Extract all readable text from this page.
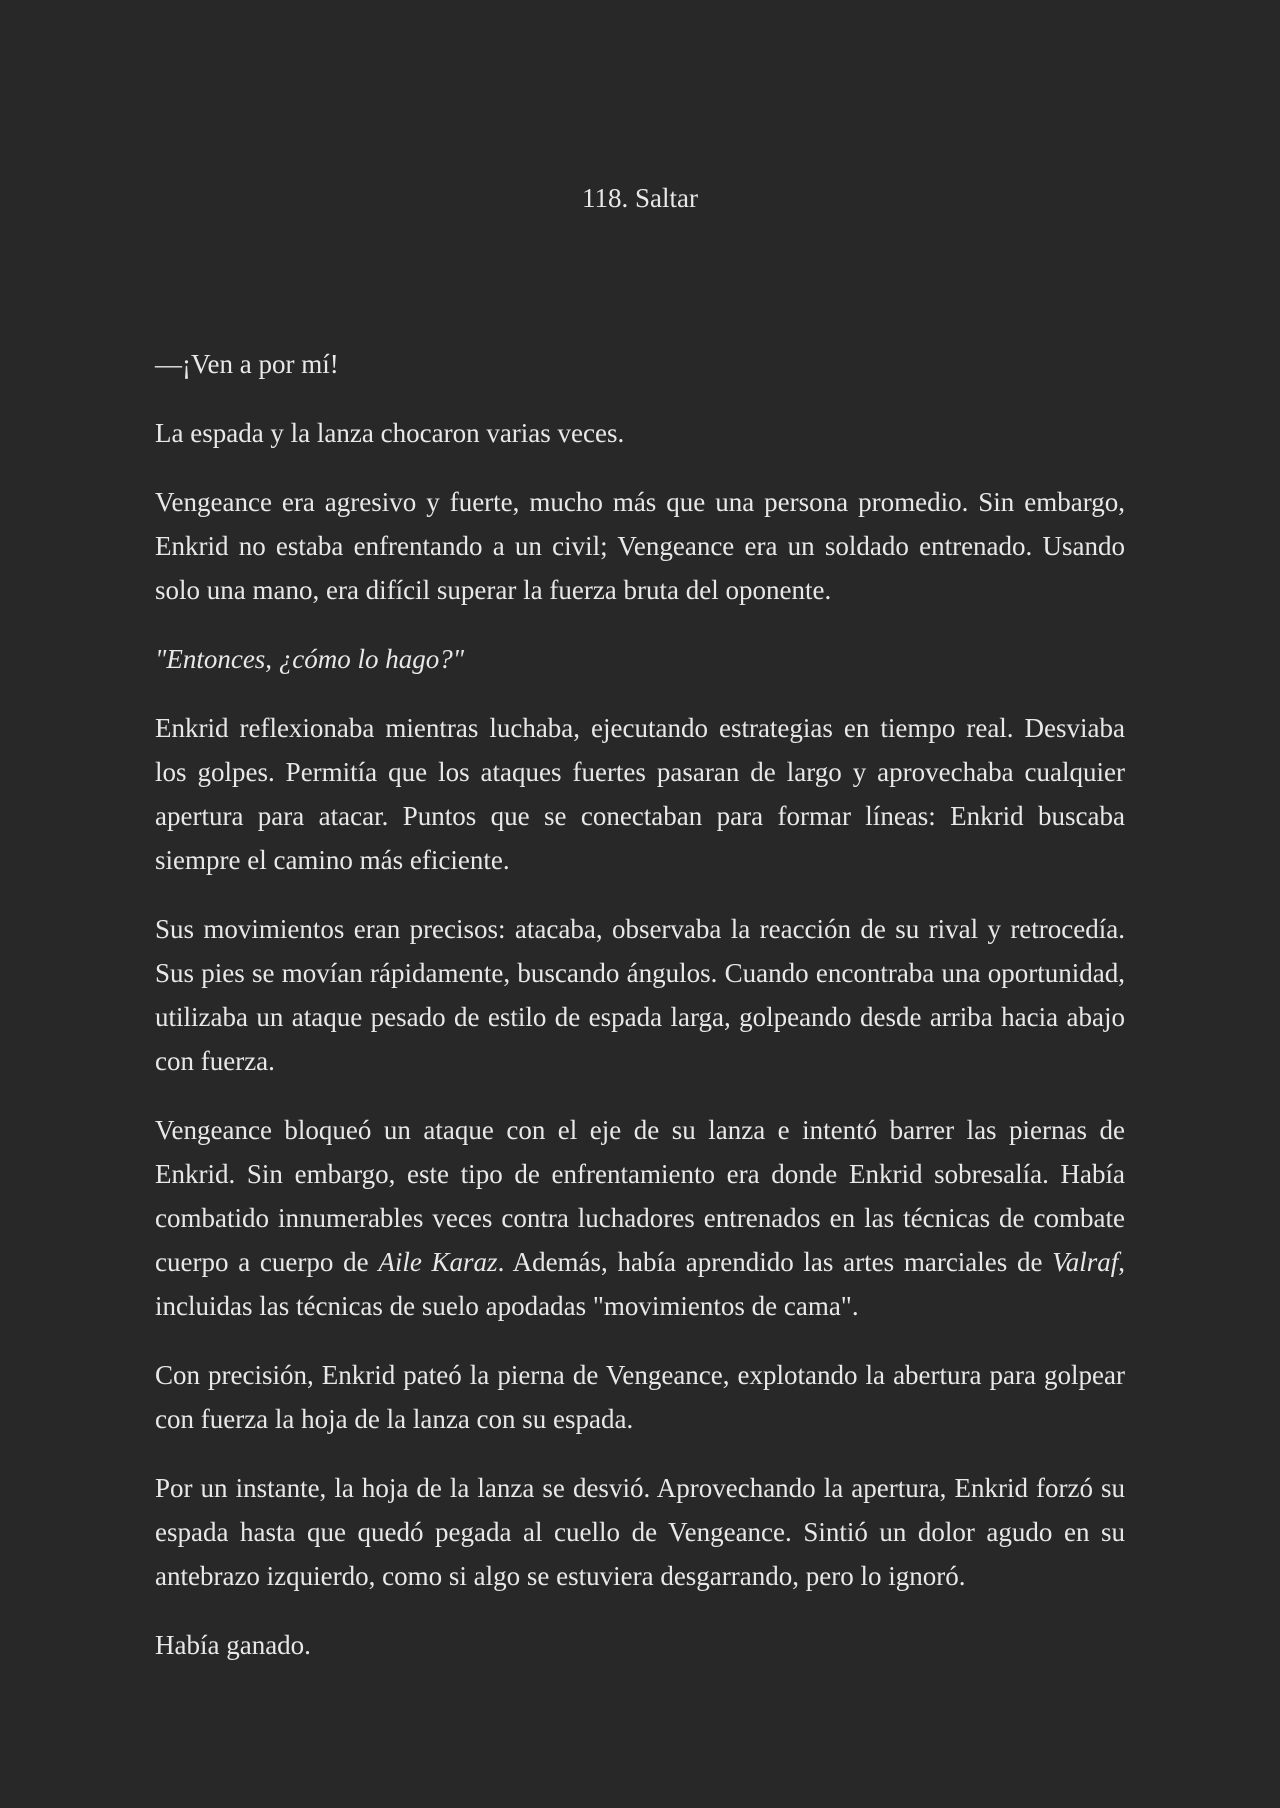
118. Saltar

—¡Ven a por mí!

La espada y la lanza chocaron varias veces.

Vengeance era agresivo y fuerte, mucho más que una persona promedio. Sin embargo, Enkrid no estaba enfrentando a un civil; Vengeance era un soldado entrenado. Usando solo una mano, era difícil superar la fuerza bruta del oponente.

"Entonces, ¿cómo lo hago?"

Enkrid reflexionaba mientras luchaba, ejecutando estrategias en tiempo real. Desviaba los golpes. Permitía que los ataques fuertes pasaran de largo y aprovechaba cualquier apertura para atacar. Puntos que se conectaban para formar líneas: Enkrid buscaba siempre el camino más eficiente.

Sus movimientos eran precisos: atacaba, observaba la reacción de su rival y retrocedía. Sus pies se movían rápidamente, buscando ángulos. Cuando encontraba una oportunidad, utilizaba un ataque pesado de estilo de espada larga, golpeando desde arriba hacia abajo con fuerza.

Vengeance bloqueó un ataque con el eje de su lanza e intentó barrer las piernas de Enkrid. Sin embargo, este tipo de enfrentamiento era donde Enkrid sobresalía. Había combatido innumerables veces contra luchadores entrenados en las técnicas de combate cuerpo a cuerpo de Aile Karaz. Además, había aprendido las artes marciales de Valraf, incluidas las técnicas de suelo apodadas "movimientos de cama".

Con precisión, Enkrid pateó la pierna de Vengeance, explotando la abertura para golpear con fuerza la hoja de la lanza con su espada.

Por un instante, la hoja de la lanza se desvió. Aprovechando la apertura, Enkrid forzó su espada hasta que quedó pegada al cuello de Vengeance. Sintió un dolor agudo en su antebrazo izquierdo, como si algo se estuviera desgarrando, pero lo ignoró.

Había ganado.
